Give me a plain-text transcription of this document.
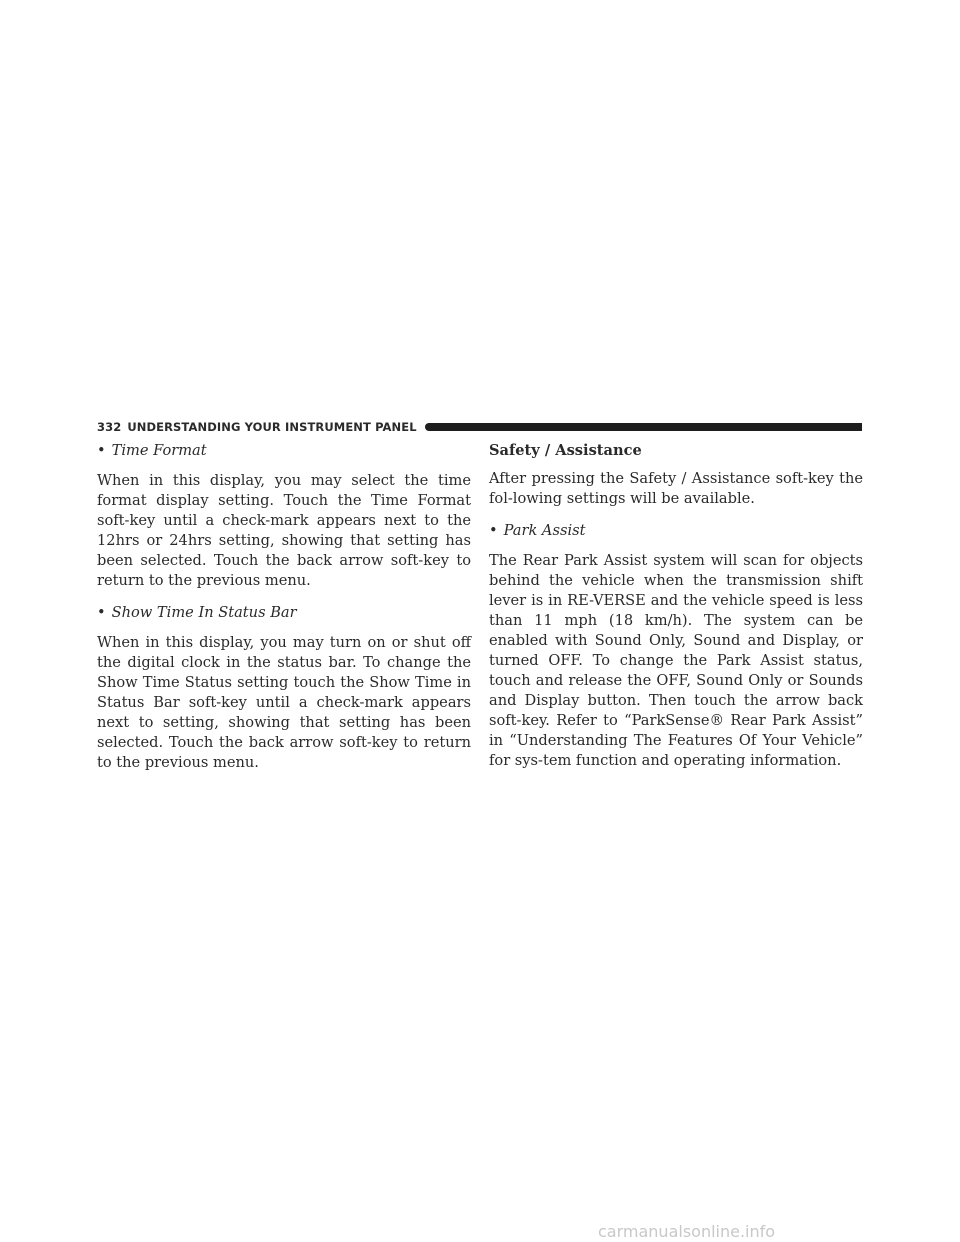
332 UNDERSTANDING YOUR INSTRUMENT PANEL
• Time Format

When in this display, you may select the time format display setting. Touch the Time Format soft-key until a check-mark appears next to the 12hrs or 24hrs setting, showing that setting has been selected. Touch the back arrow soft-key to return to the previous menu.

• Show Time In Status Bar

When in this display, you may turn on or shut off the digital clock in the status bar. To change the Show Time Status setting touch the Show Time in Status Bar soft-key until a check-mark appears next to setting, showing that setting has been selected. Touch the back arrow soft-key to return to the previous menu.

Safety / Assistance

After pressing the Safety / Assistance soft-key the fol-lowing settings will be available.

• Park Assist

The Rear Park Assist system will scan for objects behind the vehicle when the transmission shift lever is in RE-VERSE and the vehicle speed is less than 11 mph (18 km/h). The system can be enabled with Sound Only, Sound and Display, or turned OFF. To change the Park Assist status, touch and release the OFF, Sound Only or Sounds and Display button. Then touch the arrow back soft-key. Refer to “ParkSense® Rear Park Assist” in “Understanding The Features Of Your Vehicle” for sys-tem function and operating information.

carmanualsonline.info
